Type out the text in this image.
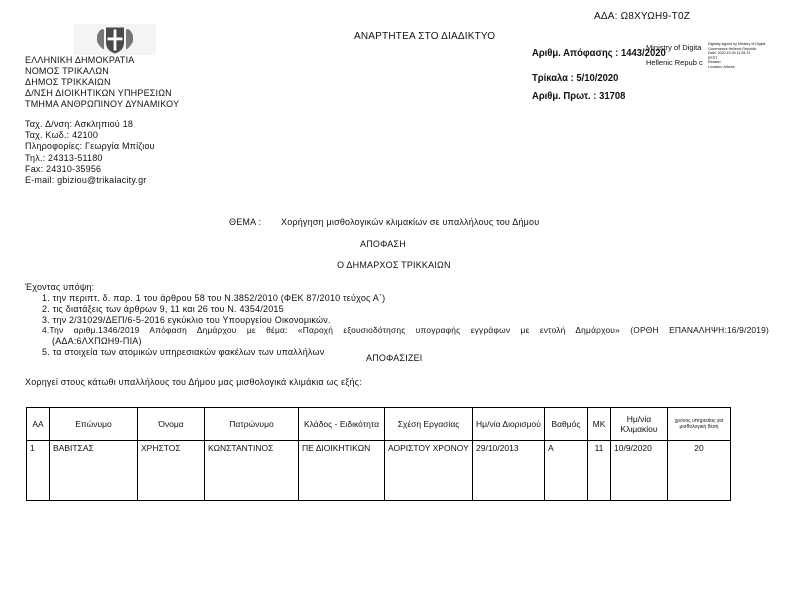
ΑΔΑ: Ω8ΧΥΩΗ9-Τ0Ζ
ΑΝΑΡΤΗΤΕΑ ΣΤΟ ΔΙΑΔΙΚΤΥΟ
ΕΛΛΗΝΙΚΗ ΔΗΜΟΚΡΑΤΙΑ
ΝΟΜΟΣ ΤΡΙΚΑΛΩΝ
ΔΗΜΟΣ ΤΡΙΚΚΑΙΩΝ
Δ/ΝΣΗ ΔΙΟΙΚΗΤΙΚΩΝ ΥΠΗΡΕΣΙΩΝ
ΤΜΗΜΑ ΑΝΘΡΩΠΙΝΟΥ ΔΥΝΑΜΙΚΟΥ
Αριθμ. Απόφασης : 1443/2020
Τρίκαλα : 5/10/2020
Αριθμ. Πρωτ. : 31708
Ministry of Digita
Hellenic Repub c
Digitally signed by Ministry of Digital
Governance Hellenic Republic
Date: 2020.10.05 11:28:13
EEST
Reason:
Location: Athens
Ταχ. Δ/νση: Ασκληπιού 18
Ταχ. Κωδ.: 42100
Πληροφορίες: Γεωργία Μπίζιου
Τηλ.: 24313-51180
Fax: 24310-35956
E-mail: gbiziou@trikalacity.gr
ΘΕΜΑ : Χορήγηση μισθολογικών κλιμακίων σε υπαλλήλους του Δήμου
ΑΠΟΦΑΣΗ
Ο ΔΗΜΑΡΧΟΣ ΤΡΙΚΚΑΙΩΝ
Έχοντας υπόψη:
1. την περιπτ. δ. παρ. 1 του άρθρου 58 του Ν.3852/2010 (ΦΕΚ 87/2010 τεύχος Α΄)
2. τις διατάξεις των άρθρων 9, 11 και 26 του Ν. 4354/2015
3. την 2/31029/ΔΕΠ/6-5-2016 εγκύκλιο του Υπουργείου Οικονομικών.
4.Την αριθμ.1346/2019 Απόφαση Δημάρχου με θέμα: «Παροχή εξουσιοδότησης υπογραφής εγγράφων με εντολή Δημάρχου» (ΟΡΘΗ ΕΠΑΝΑΛΗΨΗ:16/9/2019)
(ΑΔΑ:6ΛΧΠΩΗ9-ΠΙΑ)
5. τα στοιχεία των ατομικών υπηρεσιακών φακέλων των υπαλλήλων
ΑΠΟΦΑΣΙΖΕΙ
Χορηγεί στους κάτωθι υπαλλήλους του Δήμου μας μισθολογικά κλιμάκια ως εξής:
ΑΑ	Επώνυμο	Όνομα	Πατρώνυμο	Κλάδος - Ειδικότητα	Σχέση Εργασίας	Ημ/νία Διορισμού	Βαθμός	ΜΚ	Ημ/νία Κλιμακίου	χρόνος υπηρεσίας για μισθολογική θέση
1	ΒΑΒΙΤΣΑΣ	ΧΡΗΣΤΟΣ	ΚΩΝΣΤΑΝΤΙΝΟΣ	ΠΕ ΔΙΟΙΚΗΤΙΚΩΝ	ΑΟΡΙΣΤΟΥ ΧΡΟΝΟΥ	29/10/2013	Α	11	10/9/2020	20
